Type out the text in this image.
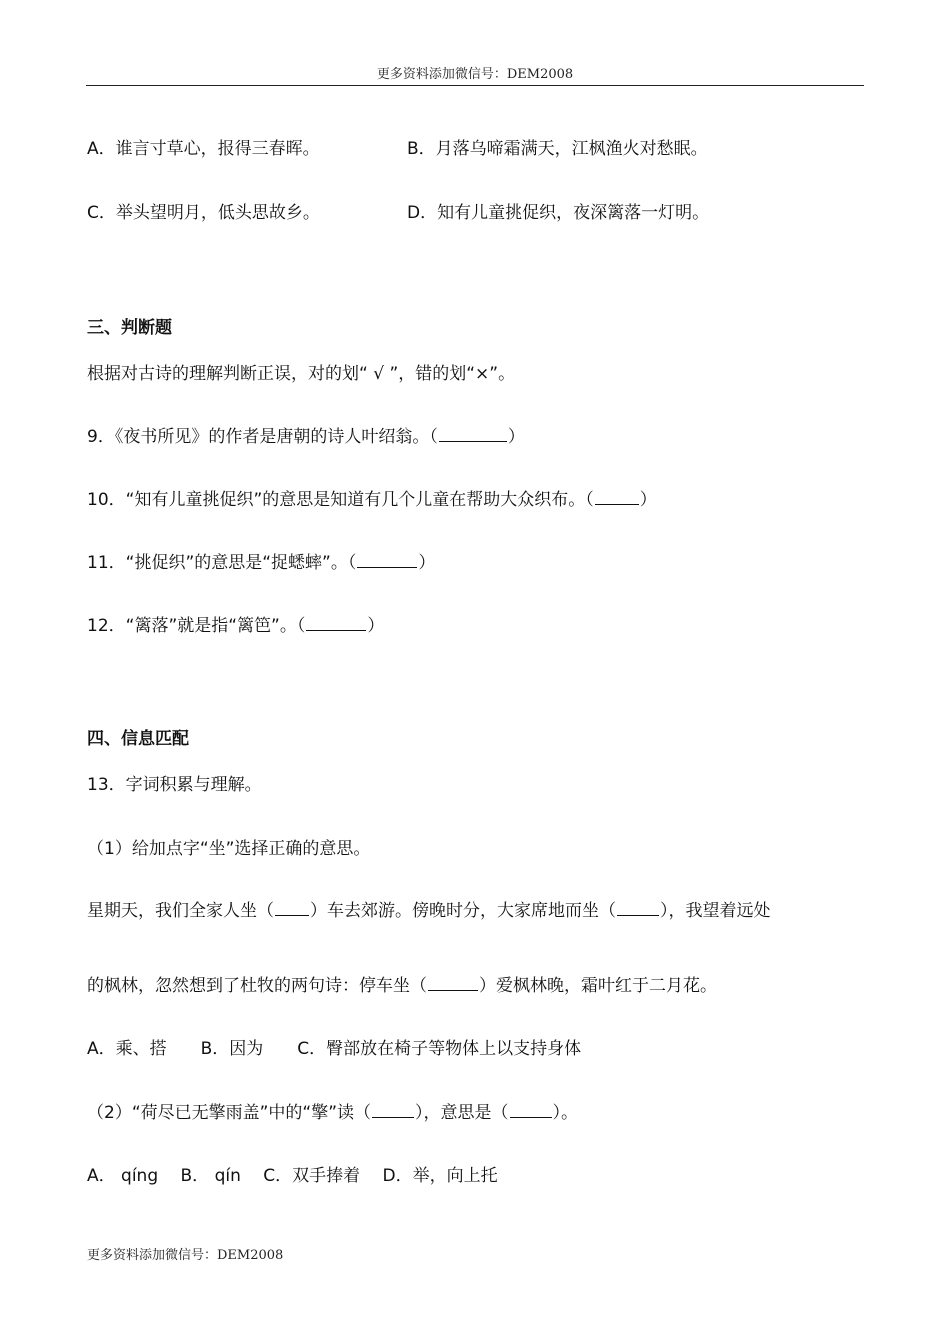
更多资料添加微信号：DEM2008
A．谁言寸草心，报得三春晖。	B．月落乌啼霜满天，江枫渔火对愁眠。
C．举头望明月，低头思故乡。	D．知有儿童挑促织，夜深篱落一灯明。
三、判断题
根据对古诗的理解判断正误，对的划“ √ ”，错的划“×”。
9．《夜书所见》的作者是唐朝的诗人叶绍翁。（	）
10．“知有儿童挑促织”的意思是知道有几个儿童在帮助大众织布。（	）
11．“挑促织”的意思是“捉蟋蟀”。（	）
12．“篱落”就是指“篱笆”。（	）
四、信息匹配
13．字词积累与理解。
（1）给加点字“坐”选择正确的意思。
星期天，我们全家人坐（ ）车去郊游。傍晚时分，大家席地而坐（	），我望着远处
的枫林，忽然想到了杜牧的两句诗：停车坐（	）爱枫林晚，霜叶红于二月花。
A．乘、搭　　B．因为　　C．臀部放在椅子等物体上以支持身体
（2）“荷尽已无擎雨盖”中的“擎”读（	），意思是（	）。
A． qíng　 B． qín　 C．双手捧着　 D．举，向上托
更多资料添加微信号：DEM2008
